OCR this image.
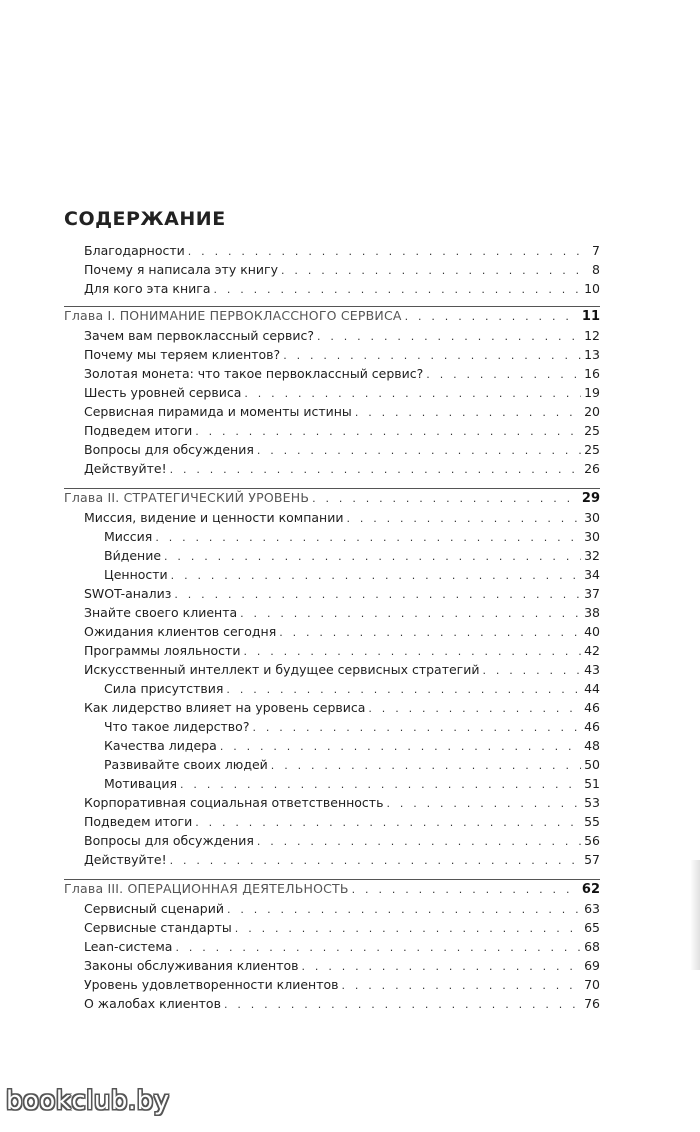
СОДЕРЖАНИЕ
Благодарности . . .	7
Почему я написала эту книгу . . .	8
Для кого эта книга . . .	10
Глава I. ПОНИМАНИЕ ПЕРВОКЛАССНОГО СЕРВИСА . . .	11
Зачем вам первоклассный сервис? . . .	12
Почему мы теряем клиентов? . . .	13
Золотая монета: что такое первоклассный сервис? . . .	16
Шесть уровней сервиса . . .	19
Сервисная пирамида и моменты истины . . .	20
Подведем итоги . . .	25
Вопросы для обсуждения . . .	25
Действуйте! . . .	26
Глава II. СТРАТЕГИЧЕСКИЙ УРОВЕНЬ . . .	29
Миссия, видение и ценности компании . . .	30
Миссия . . .	30
Ви́дение . . .	32
Ценности . . .	34
SWOT-анализ . . .	37
Знайте своего клиента . . .	38
Ожидания клиентов сегодня . . .	40
Программы лояльности . . .	42
Искусственный интеллект и будущее сервисных стратегий . . .	43
Сила присутствия . . .	44
Как лидерство влияет на уровень сервиса . . .	46
Что такое лидерство? . . .	46
Качества лидера . . .	48
Развивайте своих людей . . .	50
Мотивация . . .	51
Корпоративная социальная ответственность . . .	53
Подведем итоги . . .	55
Вопросы для обсуждения . . .	56
Действуйте! . . .	57
Глава III. ОПЕРАЦИОННАЯ ДЕЯТЕЛЬНОСТЬ . . .	62
Сервисный сценарий . . .	63
Сервисные стандарты . . .	65
Lean-система . . .	68
Законы обслуживания клиентов . . .	69
Уровень удовлетворенности клиентов . . .	70
О жалобах клиентов . . .	76
bookclub.by
